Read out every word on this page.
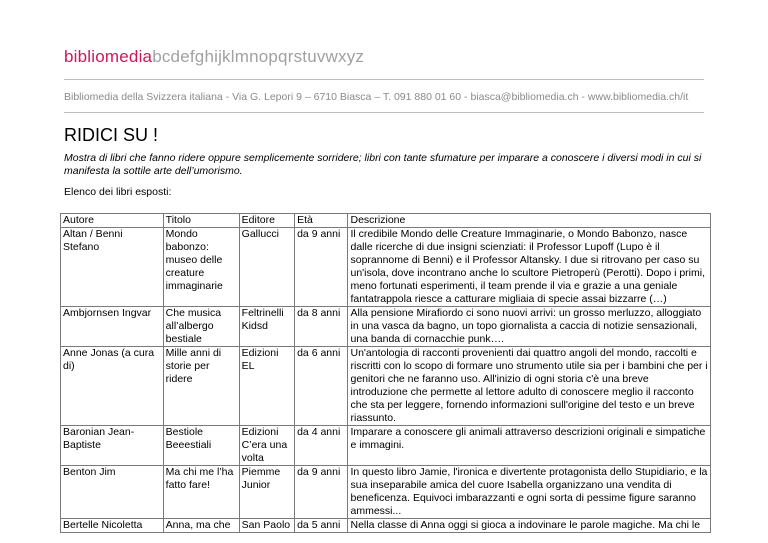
bibliomediabcdefghijklmnopqrstuvwxyz
Bibliomedia della Svizzera italiana - Via G. Lepori 9 – 6710 Biasca – T. 091 880 01 60 - biasca@bibliomedia.ch - www.bibliomedia.ch/it
RIDICI SU !

Mostra di libri che fanno ridere oppure semplicemente sorridere; libri con tante sfumature per imparare a conoscere i diversi modi in cui si manifesta la sottile arte dell’umorismo.

Elenco dei libri esposti:

Autore	Titolo	Editore	Età	Descrizione
Altan / Benni Stefano	Mondo babonzo: museo delle creature immaginarie	Gallucci	da 9 anni	Il credibile Mondo delle Creature Immaginarie, o Mondo Babonzo, nasce dalle ricerche di due insigni scienziati: il Professor Lupoff (Lupo è il soprannome di Benni) e il Professor Altansky. I due si ritrovano per caso su un'isola, dove incontrano anche lo scultore Pietroperù (Perotti). Dopo i primi, meno fortunati esperimenti, il team prende il via e grazie a una geniale fantatrappola riesce a catturare migliaia di specie assai bizzarre (…)
Ambjornsen Ingvar	Che musica all’albergo bestiale	Feltrinelli Kidsd	da 8 anni	Alla pensione Mirafiordo ci sono nuovi arrivi: un grosso merluzzo, alloggiato in una vasca da bagno, un topo giornalista a caccia di notizie sensazionali, una banda di cornacchie punk….
Anne Jonas (a cura di)	Mille anni di storie per ridere	Edizioni EL	da 6 anni	Un'antologia di racconti provenienti dai quattro angoli del mondo, raccolti e riscritti con lo scopo di formare uno strumento utile sia per i bambini che per i genitori che ne faranno uso. All'inizio di ogni storia c'è una breve introduzione che permette al lettore adulto di conoscere meglio il racconto che sta per leggere, fornendo informazioni sull'origine del testo e un breve riassunto.
Baronian Jean-Baptiste	Bestiole Beeestiali	Edizioni C’era una volta	da 4 anni	Imparare a conoscere gli animali attraverso descrizioni originali e simpatiche e immagini.
Benton Jim	Ma chi me l’ha fatto fare!	Piemme Junior	da 9 anni	In questo libro Jamie, l'ironica e divertente protagonista dello Stupidiario, e la sua inseparabile amica del cuore Isabella organizzano una vendita di beneficenza. Equivoci imbarazzanti e ogni sorta di pessime figure saranno ammessi...
Bertelle Nicoletta	Anna, ma che	San Paolo	da 5 anni	Nella classe di Anna oggi si gioca a indovinare le parole magiche. Ma chi le
